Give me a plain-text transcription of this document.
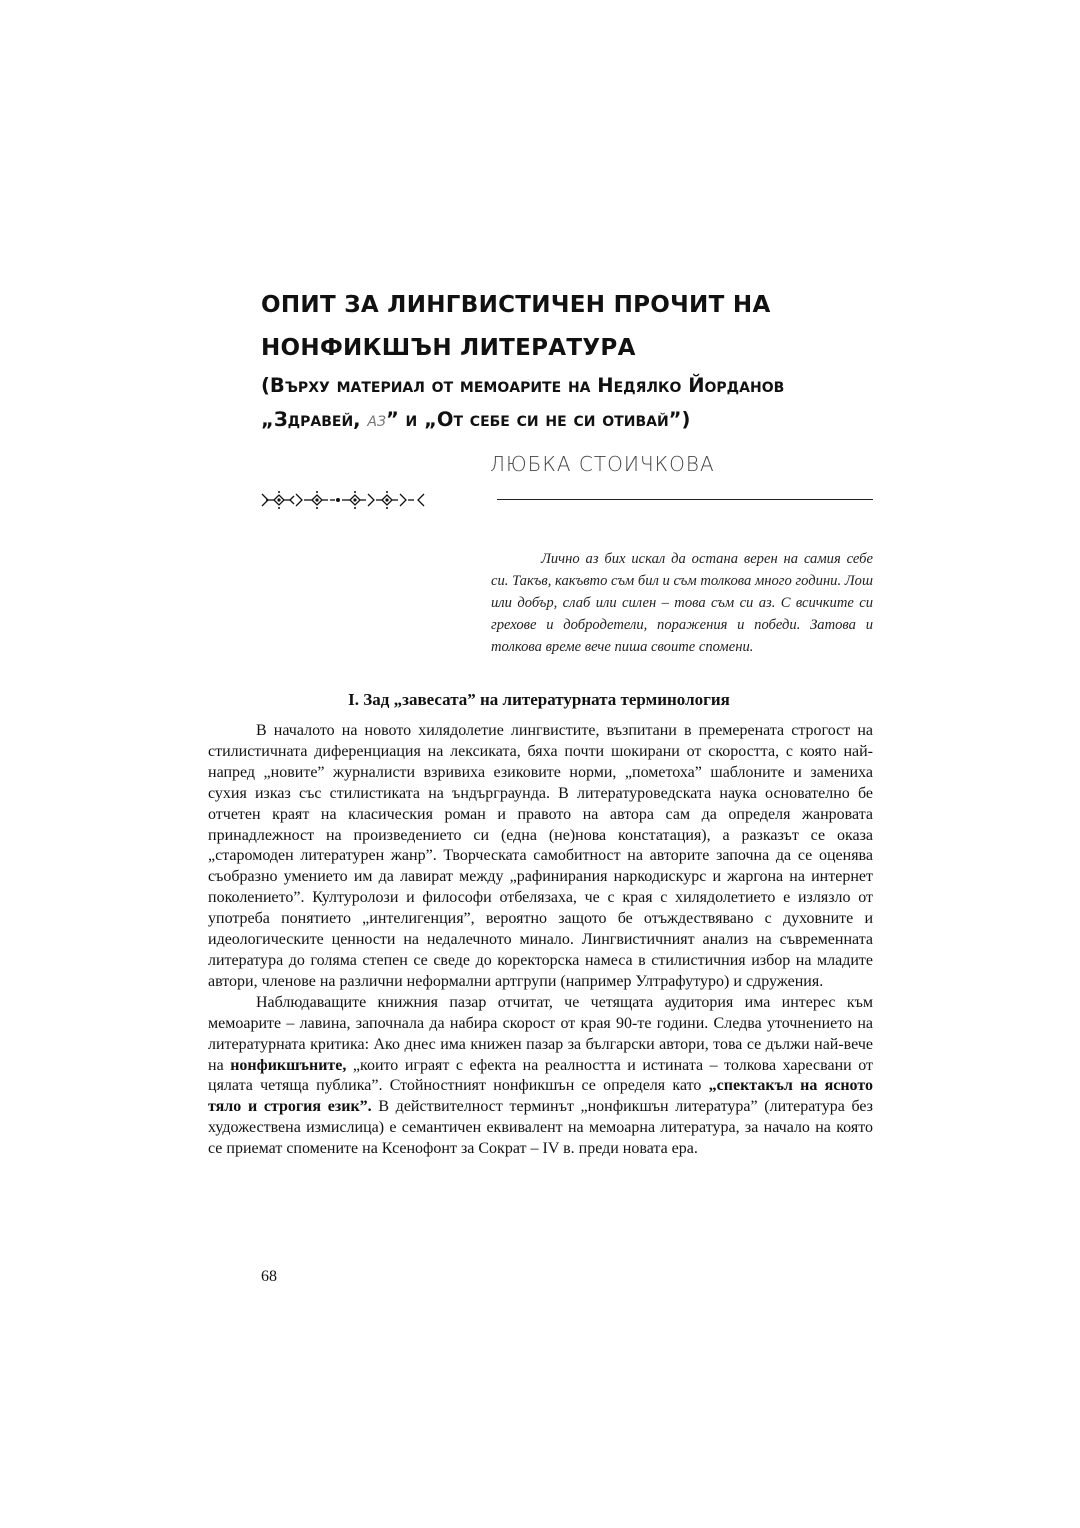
ОПИТ ЗА ЛИНГВИСТИЧЕН ПРОЧИТ НА
НОНФИКШЪН ЛИТЕРАТУРА
(Върху материал от мемоарите на Недялко Йорданов
„Здравей, аз” и „От себе си не си отивай”)
ЛЮБКА СТОИЧКОВА

Лично аз бих искал да остана верен на самия себе си. Такъв, какъвто съм бил и съм толкова много години. Лош или добър, слаб или силен – това съм си аз. С всичките си грехове и добродетели, поражения и победи. Затова и толкова време вече пиша своите спомени.

I. Зад „завесата” на литературната терминология

В началото на новото хилядолетие лингвистите, възпитани в премерената строгост на стилистичната диференциация на лексиката, бяха почти шокирани от скоростта, с която най-напред „новите” журналисти взривиха езиковите норми, „пометоха” шаблоните и замениха сухия изказ със стилистиката на ъндърграунда. В литературоведската наука основателно бе отчетен краят на класическия роман и правото на автора сам да определя жанровата принадлежност на произведението си (една (не)нова констатация), а разказът се оказа „старомоден литературен жанр”. Творческата самобитност на авторите започна да се оценява съобразно умението им да лавират между „рафинирания наркодискурс и жаргона на интернет поколението”. Културолози и философи отбелязаха, че с края с хилядолетието е излязло от употреба понятието „интелигенция”, вероятно защото бе отъждествявано с духовните и идеологическите ценности на недалечното минало. Лингвистичният анализ на съвременната литература до голяма степен се сведе до коректорска намеса в стилистичния избор на младите автори, членове на различни неформални артгрупи (например Ултрафутуро) и сдружения.

Наблюдаващите книжния пазар отчитат, че четящата аудитория има интерес към мемоарите – лавина, започнала да набира скорост от края 90-те години. Следва уточнението на литературната критика: Ако днес има книжен пазар за български автори, това се дължи най-вече на нонфикшъните, „които играят с ефекта на реалността и истината – толкова харесвани от цялата четяща публика”. Стойностният нонфикшън се определя като „спектакъл на ясното тяло и строгия език”. В действителност терминът „нонфикшън литература” (литература без художествена измислица) е семантичен еквивалент на мемоарна литература, за начало на която се приемат спомените на Ксенофонт за Сократ – IV в. преди новата ера.

68
